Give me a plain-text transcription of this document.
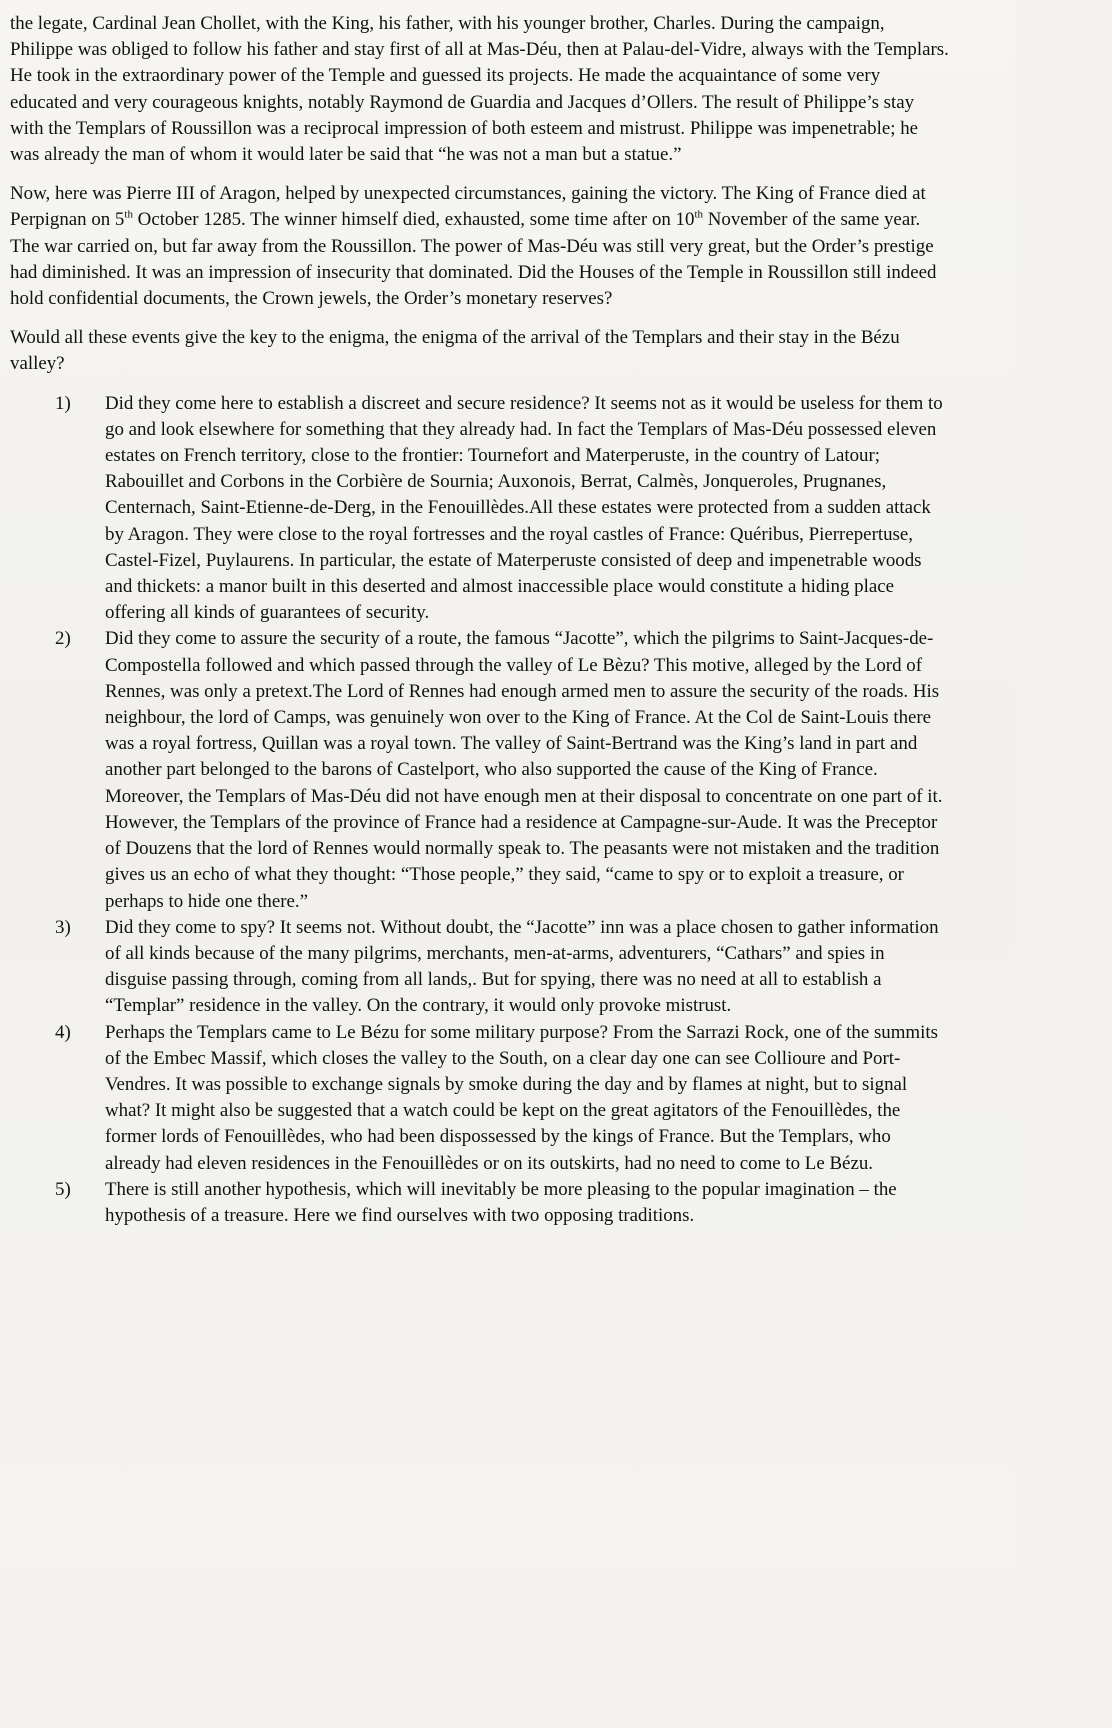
the legate, Cardinal Jean Chollet, with the King, his father, with his younger brother, Charles. During the campaign, Philippe was obliged to follow his father and stay first of all at Mas-Déu, then at Palau-del-Vidre, always with the Templars. He took in the extraordinary power of the Temple and guessed its projects. He made the acquaintance of some very educated and very courageous knights, notably Raymond de Guardia and Jacques d’Ollers. The result of Philippe’s stay with the Templars of Roussillon was a reciprocal impression of both esteem and mistrust. Philippe was impenetrable; he was already the man of whom it would later be said that “he was not a man but a statue.”

Now, here was Pierre III of Aragon, helped by unexpected circumstances, gaining the victory. The King of France died at Perpignan on 5th October 1285. The winner himself died, exhausted, some time after on 10th November of the same year. The war carried on, but far away from the Roussillon. The power of Mas-Déu was still very great, but the Order’s prestige had diminished. It was an impression of insecurity that dominated. Did the Houses of the Temple in Roussillon still indeed hold confidential documents, the Crown jewels, the Order’s monetary reserves?

Would all these events give the key to the enigma, the enigma of the arrival of the Templars and their stay in the Bézu valley?

1) Did they come here to establish a discreet and secure residence? It seems not as it would be useless for them to go and look elsewhere for something that they already had. In fact the Templars of Mas-Déu possessed eleven estates on French territory, close to the frontier: Tournefort and Materperuste, in the country of Latour; Rabouillet and Corbons in the Corbière de Sournia; Auxonois, Berrat, Calmès, Jonqueroles, Prugnanes, Centernach, Saint-Etienne-de-Derg, in the Fenouillèdes.All these estates were protected from a sudden attack by Aragon. They were close to the royal fortresses and the royal castles of France: Quéribus, Pierrepertuse, Castel-Fizel, Puylaurens. In particular, the estate of Materperuste consisted of deep and impenetrable woods and thickets: a manor built in this deserted and almost inaccessible place would constitute a hiding place offering all kinds of guarantees of security.
2) Did they come to assure the security of a route, the famous “Jacotte”, which the pilgrims to Saint-Jacques-de-Compostella followed and which passed through the valley of Le Bèzu? This motive, alleged by the Lord of Rennes, was only a pretext.The Lord of Rennes had enough armed men to assure the security of the roads. His neighbour, the lord of Camps, was genuinely won over to the King of France. At the Col de Saint-Louis there was a royal fortress, Quillan was a royal town. The valley of Saint-Bertrand was the King’s land in part and another part belonged to the barons of Castelport, who also supported the cause of the King of France. Moreover, the Templars of Mas-Déu did not have enough men at their disposal to concentrate on one part of it. However, the Templars of the province of France had a residence at Campagne-sur-Aude. It was the Preceptor of Douzens that the lord of Rennes would normally speak to. The peasants were not mistaken and the tradition gives us an echo of what they thought: “Those people,” they said, “came to spy or to exploit a treasure, or perhaps to hide one there.”
3) Did they come to spy? It seems not. Without doubt, the “Jacotte” inn was a place chosen to gather information of all kinds because of the many pilgrims, merchants, men-at-arms, adventurers, “Cathars” and spies in disguise passing through, coming from all lands,. But for spying, there was no need at all to establish a “Templar” residence in the valley. On the contrary, it would only provoke mistrust.
4) Perhaps the Templars came to Le Bézu for some military purpose? From the Sarrazi Rock, one of the summits of the Embec Massif, which closes the valley to the South, on a clear day one can see Collioure and Port-Vendres. It was possible to exchange signals by smoke during the day and by flames at night, but to signal what? It might also be suggested that a watch could be kept on the great agitators of the Fenouillèdes, the former lords of Fenouillèdes, who had been dispossessed by the kings of France. But the Templars, who already had eleven residences in the Fenouillèdes or on its outskirts, had no need to come to Le Bézu.
5) There is still another hypothesis, which will inevitably be more pleasing to the popular imagination – the hypothesis of a treasure. Here we find ourselves with two opposing traditions.
